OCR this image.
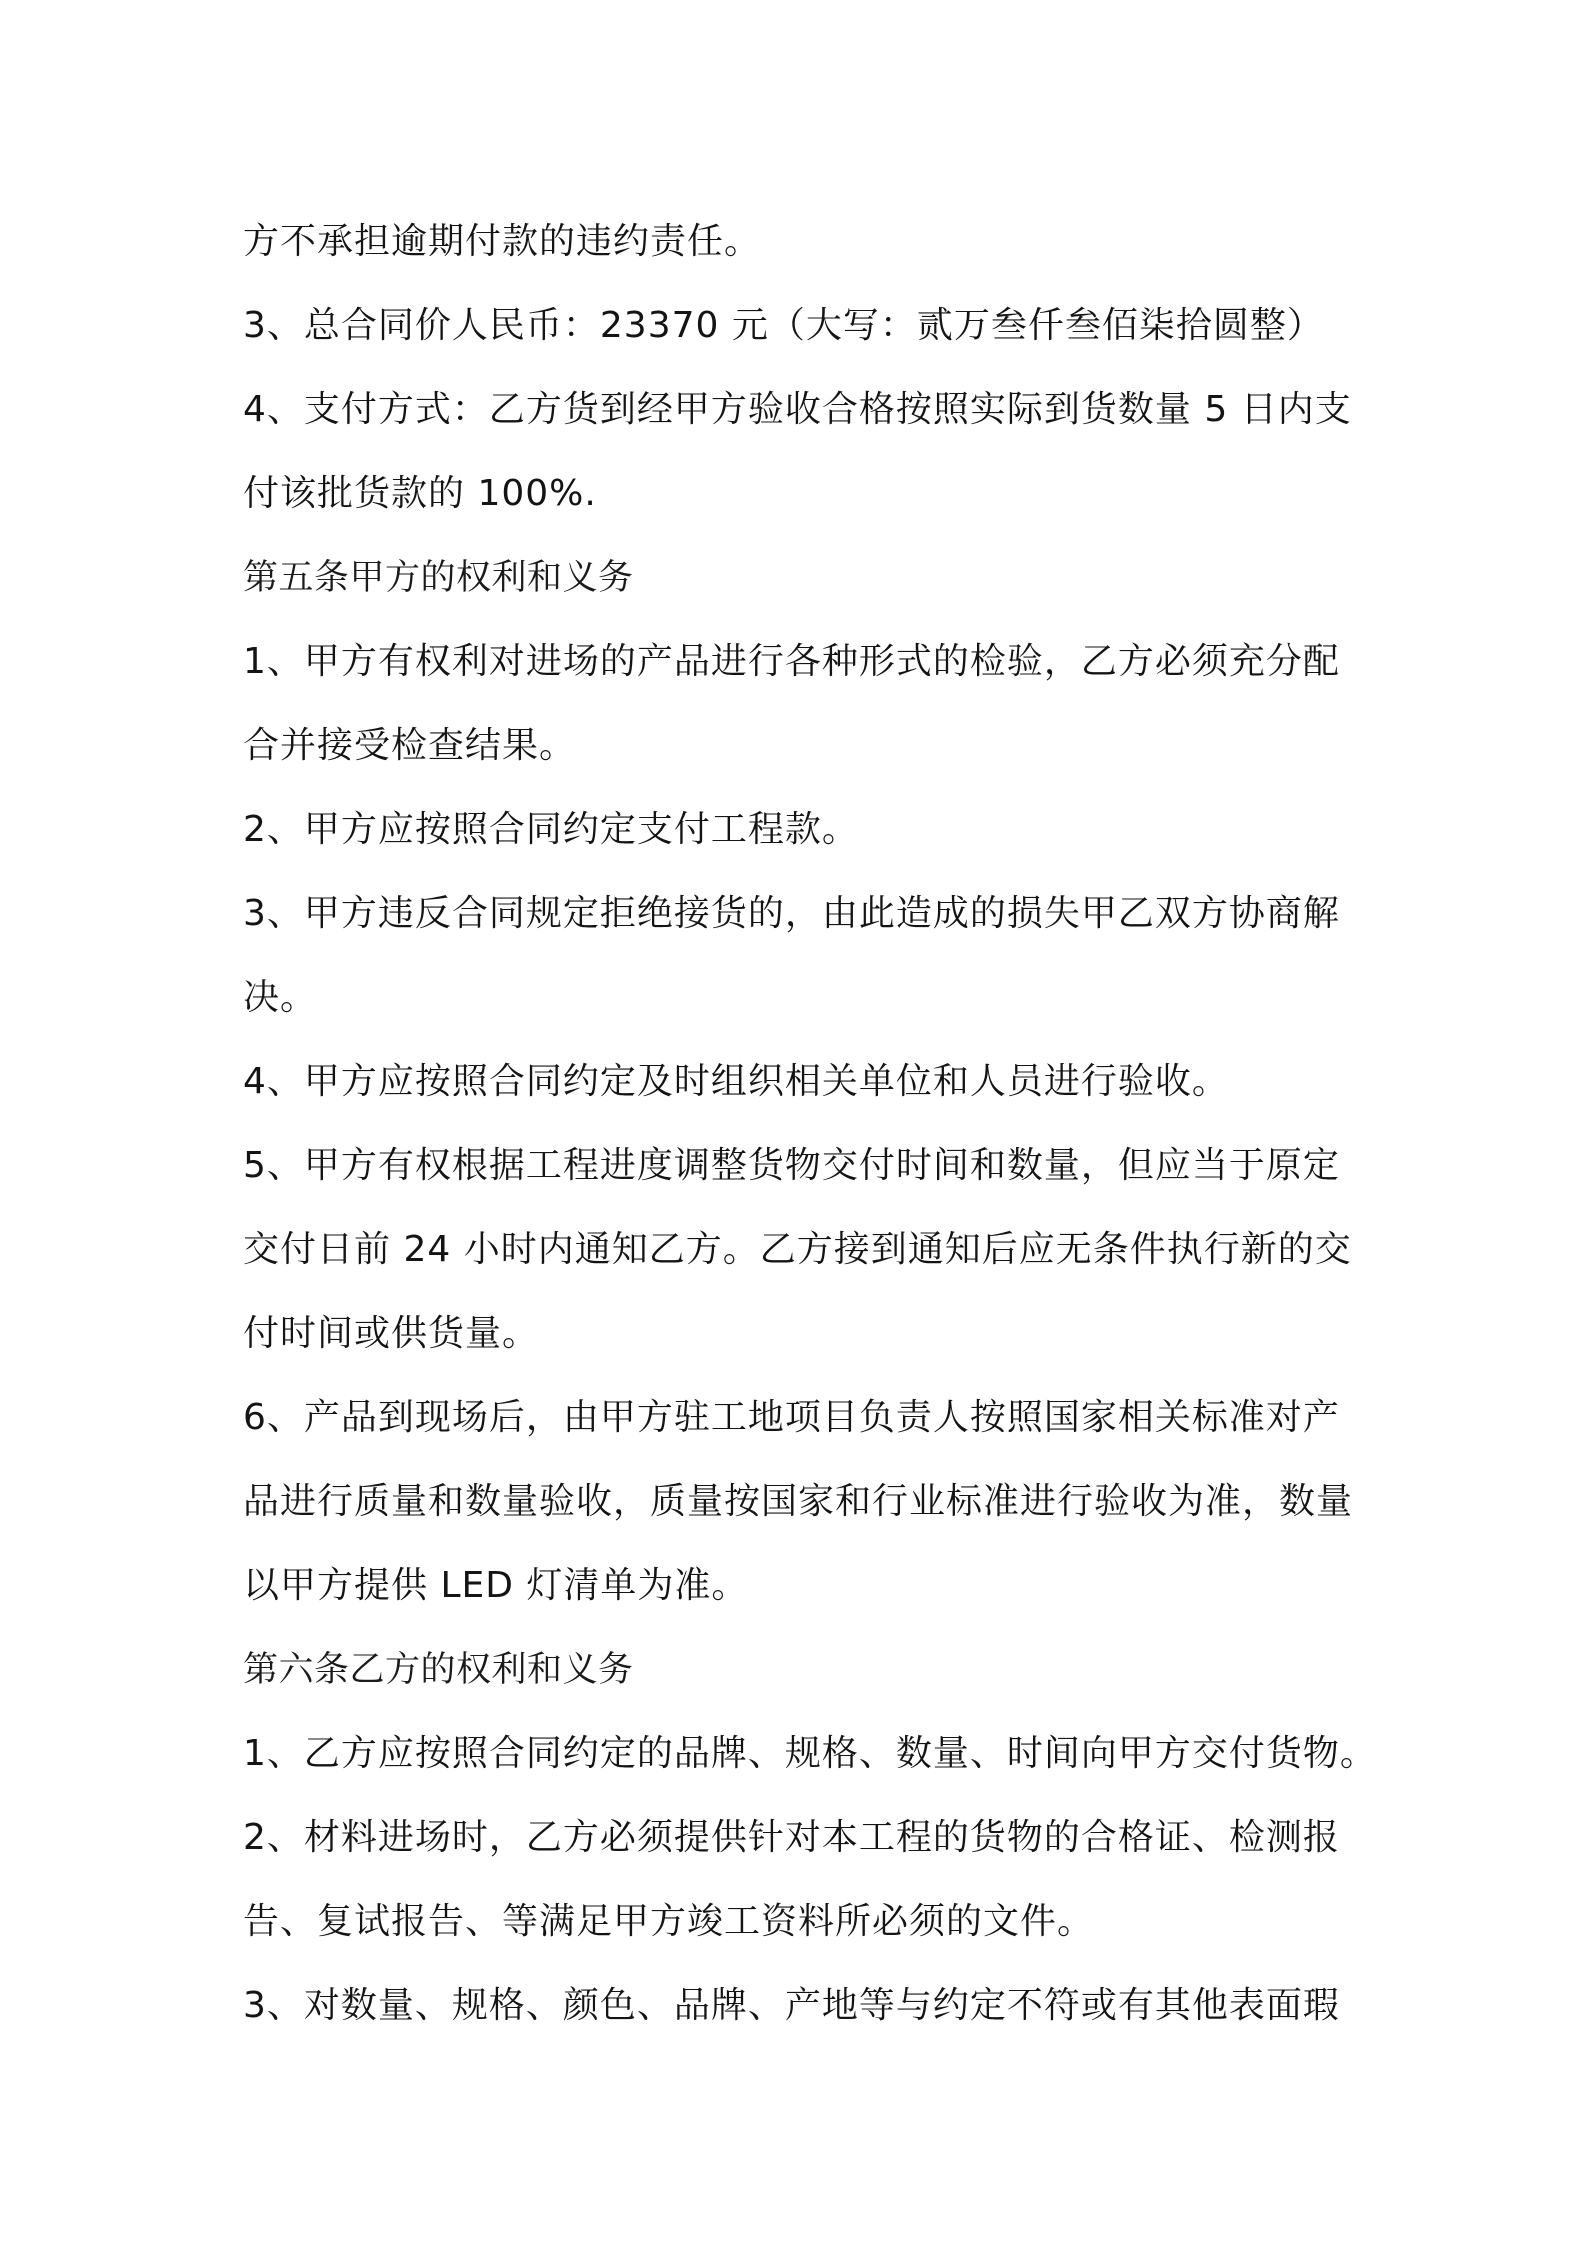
方不承担逾期付款的违约责任。
3、总合同价人民币：23370 元（大写：贰万叁仟叁佰柒拾圆整）
4、支付方式：乙方货到经甲方验收合格按照实际到货数量 5 日内支
付该批货款的 100%.
第五条甲方的权利和义务
1、甲方有权利对进场的产品进行各种形式的检验，乙方必须充分配
合并接受检查结果。
2、甲方应按照合同约定支付工程款。
3、甲方违反合同规定拒绝接货的，由此造成的损失甲乙双方协商解
决。
4、甲方应按照合同约定及时组织相关单位和人员进行验收。
5、甲方有权根据工程进度调整货物交付时间和数量，但应当于原定
交付日前 24 小时内通知乙方。乙方接到通知后应无条件执行新的交
付时间或供货量。
6、产品到现场后，由甲方驻工地项目负责人按照国家相关标准对产
品进行质量和数量验收，质量按国家和行业标准进行验收为准，数量
以甲方提供 LED 灯清单为准。
第六条乙方的权利和义务
1、乙方应按照合同约定的品牌、规格、数量、时间向甲方交付货物。
2、材料进场时，乙方必须提供针对本工程的货物的合格证、检测报
告、复试报告、等满足甲方竣工资料所必须的文件。
3、对数量、规格、颜色、品牌、产地等与约定不符或有其他表面瑕
